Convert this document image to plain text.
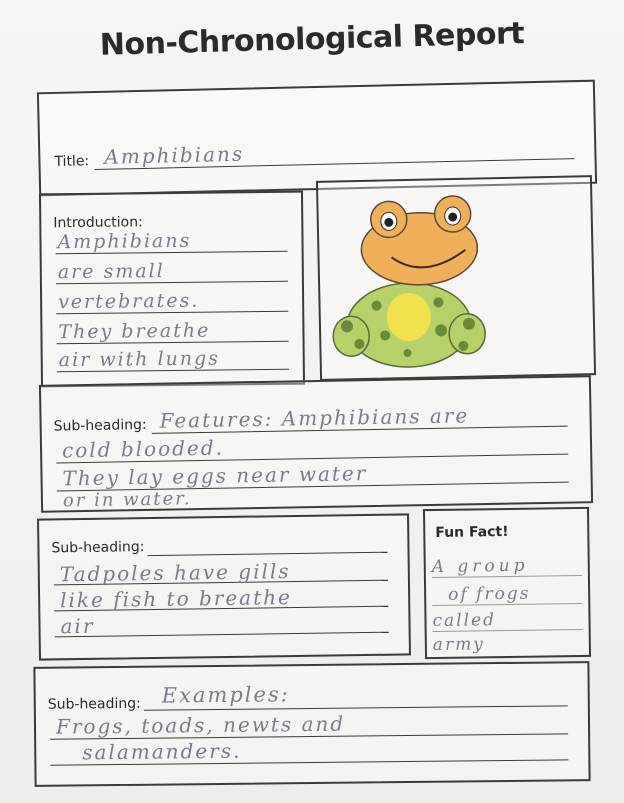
Non-Chronological Report
Title: Amphibians
Introduction:
Amphibians
are small
vertebrates.
They breathe
air with lungs
Sub-heading: Features: Amphibians are
cold blooded.
They lay eggs near water
or in water.
Sub-heading:
Tadpoles have gills
like fish to breathe
air
Fun Fact!
A group
of frogs
called
army
Sub-heading: Examples:
Frogs, toads, newts and
salamanders.
